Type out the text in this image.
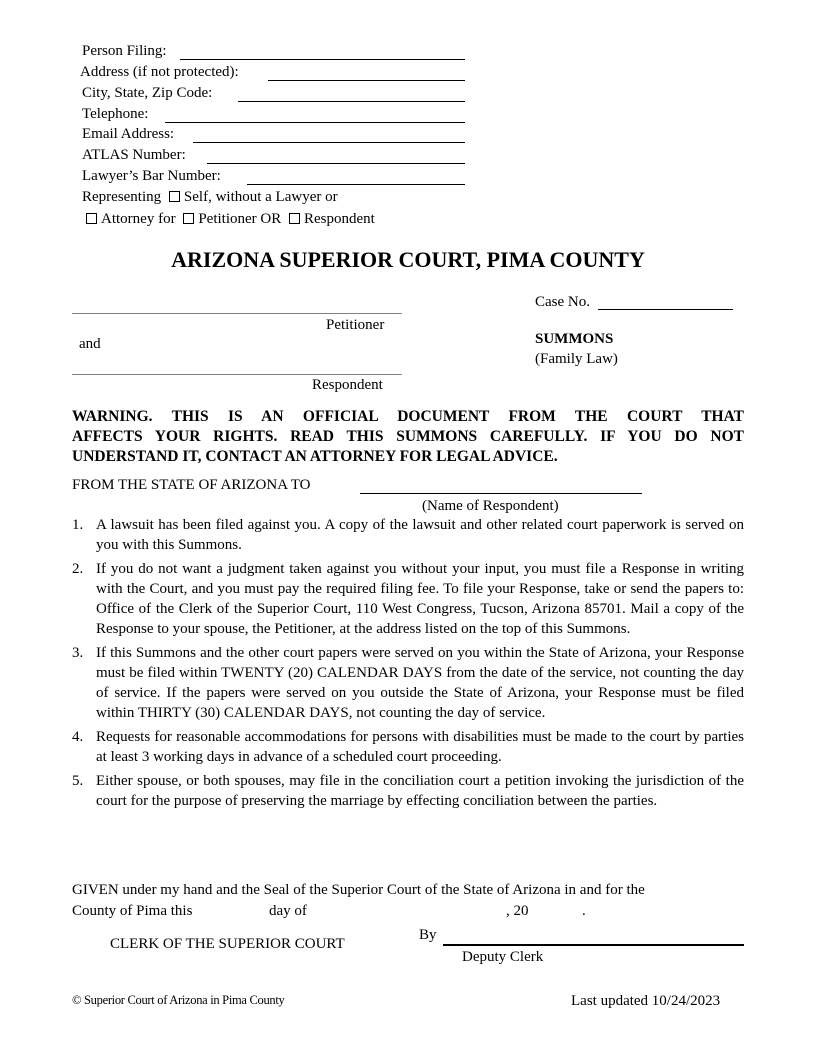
Person Filing:
Address (if not protected):
City, State, Zip Code:
Telephone:
Email Address:
ATLAS Number:
Lawyer’s Bar Number:
Representing Self, without a Lawyer or
Attorney for Petitioner OR Respondent
ARIZONA SUPERIOR COURT, PIMA COUNTY
Petitioner
and
Respondent
Case No.
SUMMONS
(Family Law)
WARNING. THIS IS AN OFFICIAL DOCUMENT FROM THE COURT THAT
AFFECTS YOUR RIGHTS. READ THIS SUMMONS CAREFULLY. IF YOU DO NOT
UNDERSTAND IT, CONTACT AN ATTORNEY FOR LEGAL ADVICE.
FROM THE STATE OF ARIZONA TO
(Name of Respondent)
1. A lawsuit has been filed against you. A copy of the lawsuit and other related court paperwork is served on you with this Summons.
2. If you do not want a judgment taken against you without your input, you must file a Response in writing with the Court, and you must pay the required filing fee. To file your Response, take or send the papers to: Office of the Clerk of the Superior Court, 110 West Congress, Tucson, Arizona 85701. Mail a copy of the Response to your spouse, the Petitioner, at the address listed on the top of this Summons.
3. If this Summons and the other court papers were served on you within the State of Arizona, your Response must be filed within TWENTY (20) CALENDAR DAYS from the date of the service, not counting the day of service. If the papers were served on you outside the State of Arizona, your Response must be filed within THIRTY (30) CALENDAR DAYS, not counting the day of service.
4. Requests for reasonable accommodations for persons with disabilities must be made to the court by parties at least 3 working days in advance of a scheduled court proceeding.
5. Either spouse, or both spouses, may file in the conciliation court a petition invoking the jurisdiction of the court for the purpose of preserving the marriage by effecting conciliation between the parties.
GIVEN under my hand and the Seal of the Superior Court of the State of Arizona in and for the
County of Pima this	day of	, 20	.
CLERK OF THE SUPERIOR COURT
By
Deputy Clerk
© Superior Court of Arizona in Pima County	Last updated 10/24/2023
